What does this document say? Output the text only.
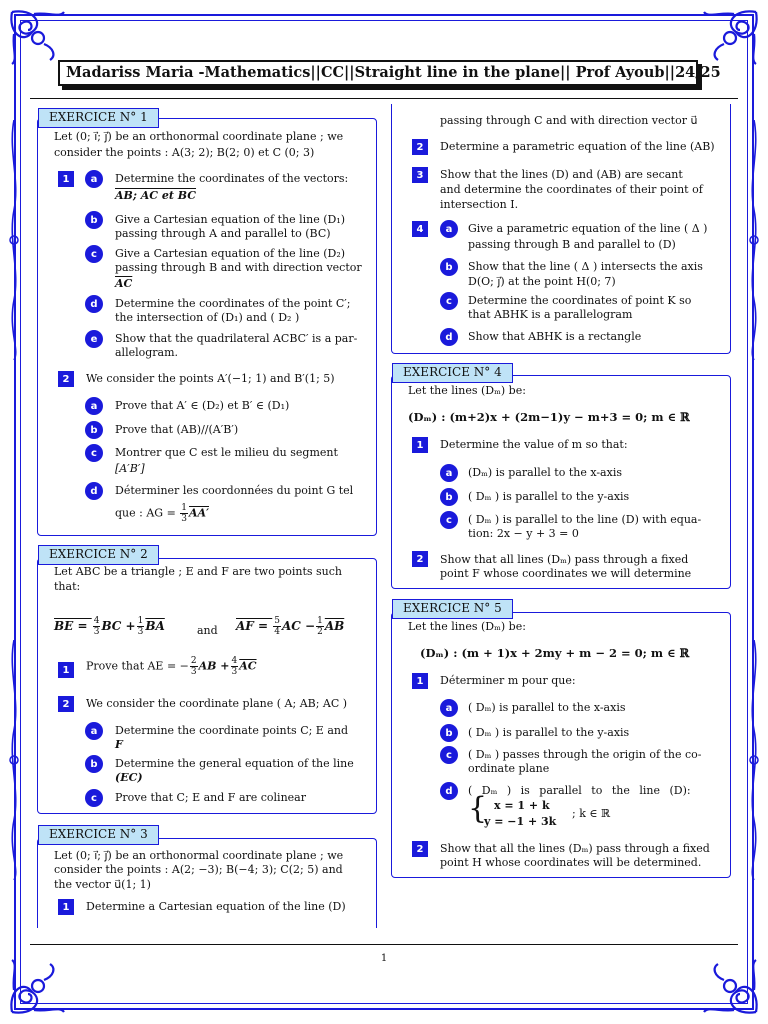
Madariss Maria -Mathematics||CC||Straight line in the plane|| Prof Ayoub||24/25
EXERCICE N° 1
Let (0; i⃗; j⃗) be an orthonormal coordinate plane ; we
consider the points : A(3; 2); B(2; 0) et C (0; 3)
1	a	Determine the coordinates of the vectors:
AB; AC et BC
b	Give a Cartesian equation of the line (D₁)
passing through A and parallel to (BC)
c	Give a Cartesian equation of the line (D₂)
passing through B and with direction vector
$\overline{AC}$
d	Determine the coordinates of the point C′;
the intersection of (D₁) and ( D₂ )
e	Show that the quadrilateral ACBC′ is a par-
allelogram.
2	We consider the points A′(−1; 1) and B′(1; 5)
a	Prove that A′ ∈ (D₂) et B′ ∈ (D₁)
b	Prove that (AB)//(A′B′)
c	Montrer que C est le milieu du segment
[A′B′]
d	Déterminer les coordonnées du point G tel
que : AG = $\frac{1}{3} AA'$
EXERCICE N° 2
Let ABC be a triangle ; E and F are two points such
that:
BE = $\frac{4}{3}$ BC + $\frac{1}{3} \overline{BA}$	and AF = $\frac{5}{4}$ AC − $\frac{1}{2} \overline{AB}$
1	Prove that AE = − $\frac{2}{3}$ AB + $\frac{4}{3} \overline{AC}$
2	We consider the coordinate plane ( A; AB; AC )
a	Determine the coordinate points C; E and
F
b	Determine the general equation of the line
(EC)
c	Prove that C; E and F are colinear
EXERCICE N° 3
Let (0; i⃗; j⃗) be an orthonormal coordinate plane ; we
consider the points : A(2; −3); B(−4; 3); C(2; 5) and
the vector u⃗(1; 1)
1	Determine a Cartesian equation of the line (D)
passing through C and with direction vector u⃗
2	Determine a parametric equation of the line (AB)
3	Show that the lines (D) and (AB) are secant
and determine the coordinates of their point of
intersection I.
4	a	Give a parametric equation of the line ( Δ )
passing through B and parallel to (D)
b	Show that the line ( Δ ) intersects the axis
D(O; j⃗) at the point H(0; 7)
c	Determine the coordinates of point K so
that ABHK is a parallelogram
d	Show that ABHK is a rectangle
EXERCICE N° 4
Let the lines (Dₘ) be:
(Dₘ) : (m+2)x + (2m−1)y − m+3 = 0; m ∈ ℝ
1	Determine the value of m so that:
a	(Dₘ) is parallel to the x-axis
b	( Dₘ ) is parallel to the y-axis
c	( Dₘ ) is parallel to the line (D) with equa-
tion: 2x − y + 3 = 0
2	Show that all lines (Dₘ) pass through a fixed
point F whose coordinates we will determine
EXERCICE N° 5
Let the lines (Dₘ) be:
(Dₘ) : (m + 1)x + 2my + m − 2 = 0; m ∈ ℝ
1	Déterminer m pour que:
a	( Dₘ) is parallel to the x-axis
b	( Dₘ ) is parallel to the y-axis
c	( Dₘ ) passes through the origin of the co-
ordinate plane
d	( Dₘ ) is parallel to the line (D):
{ x = 1 + k
y = −1 + 3k
; k ∈ ℝ
2	Show that all the lines (Dₘ) pass through a fixed
point H whose coordinates will be determined.
1
